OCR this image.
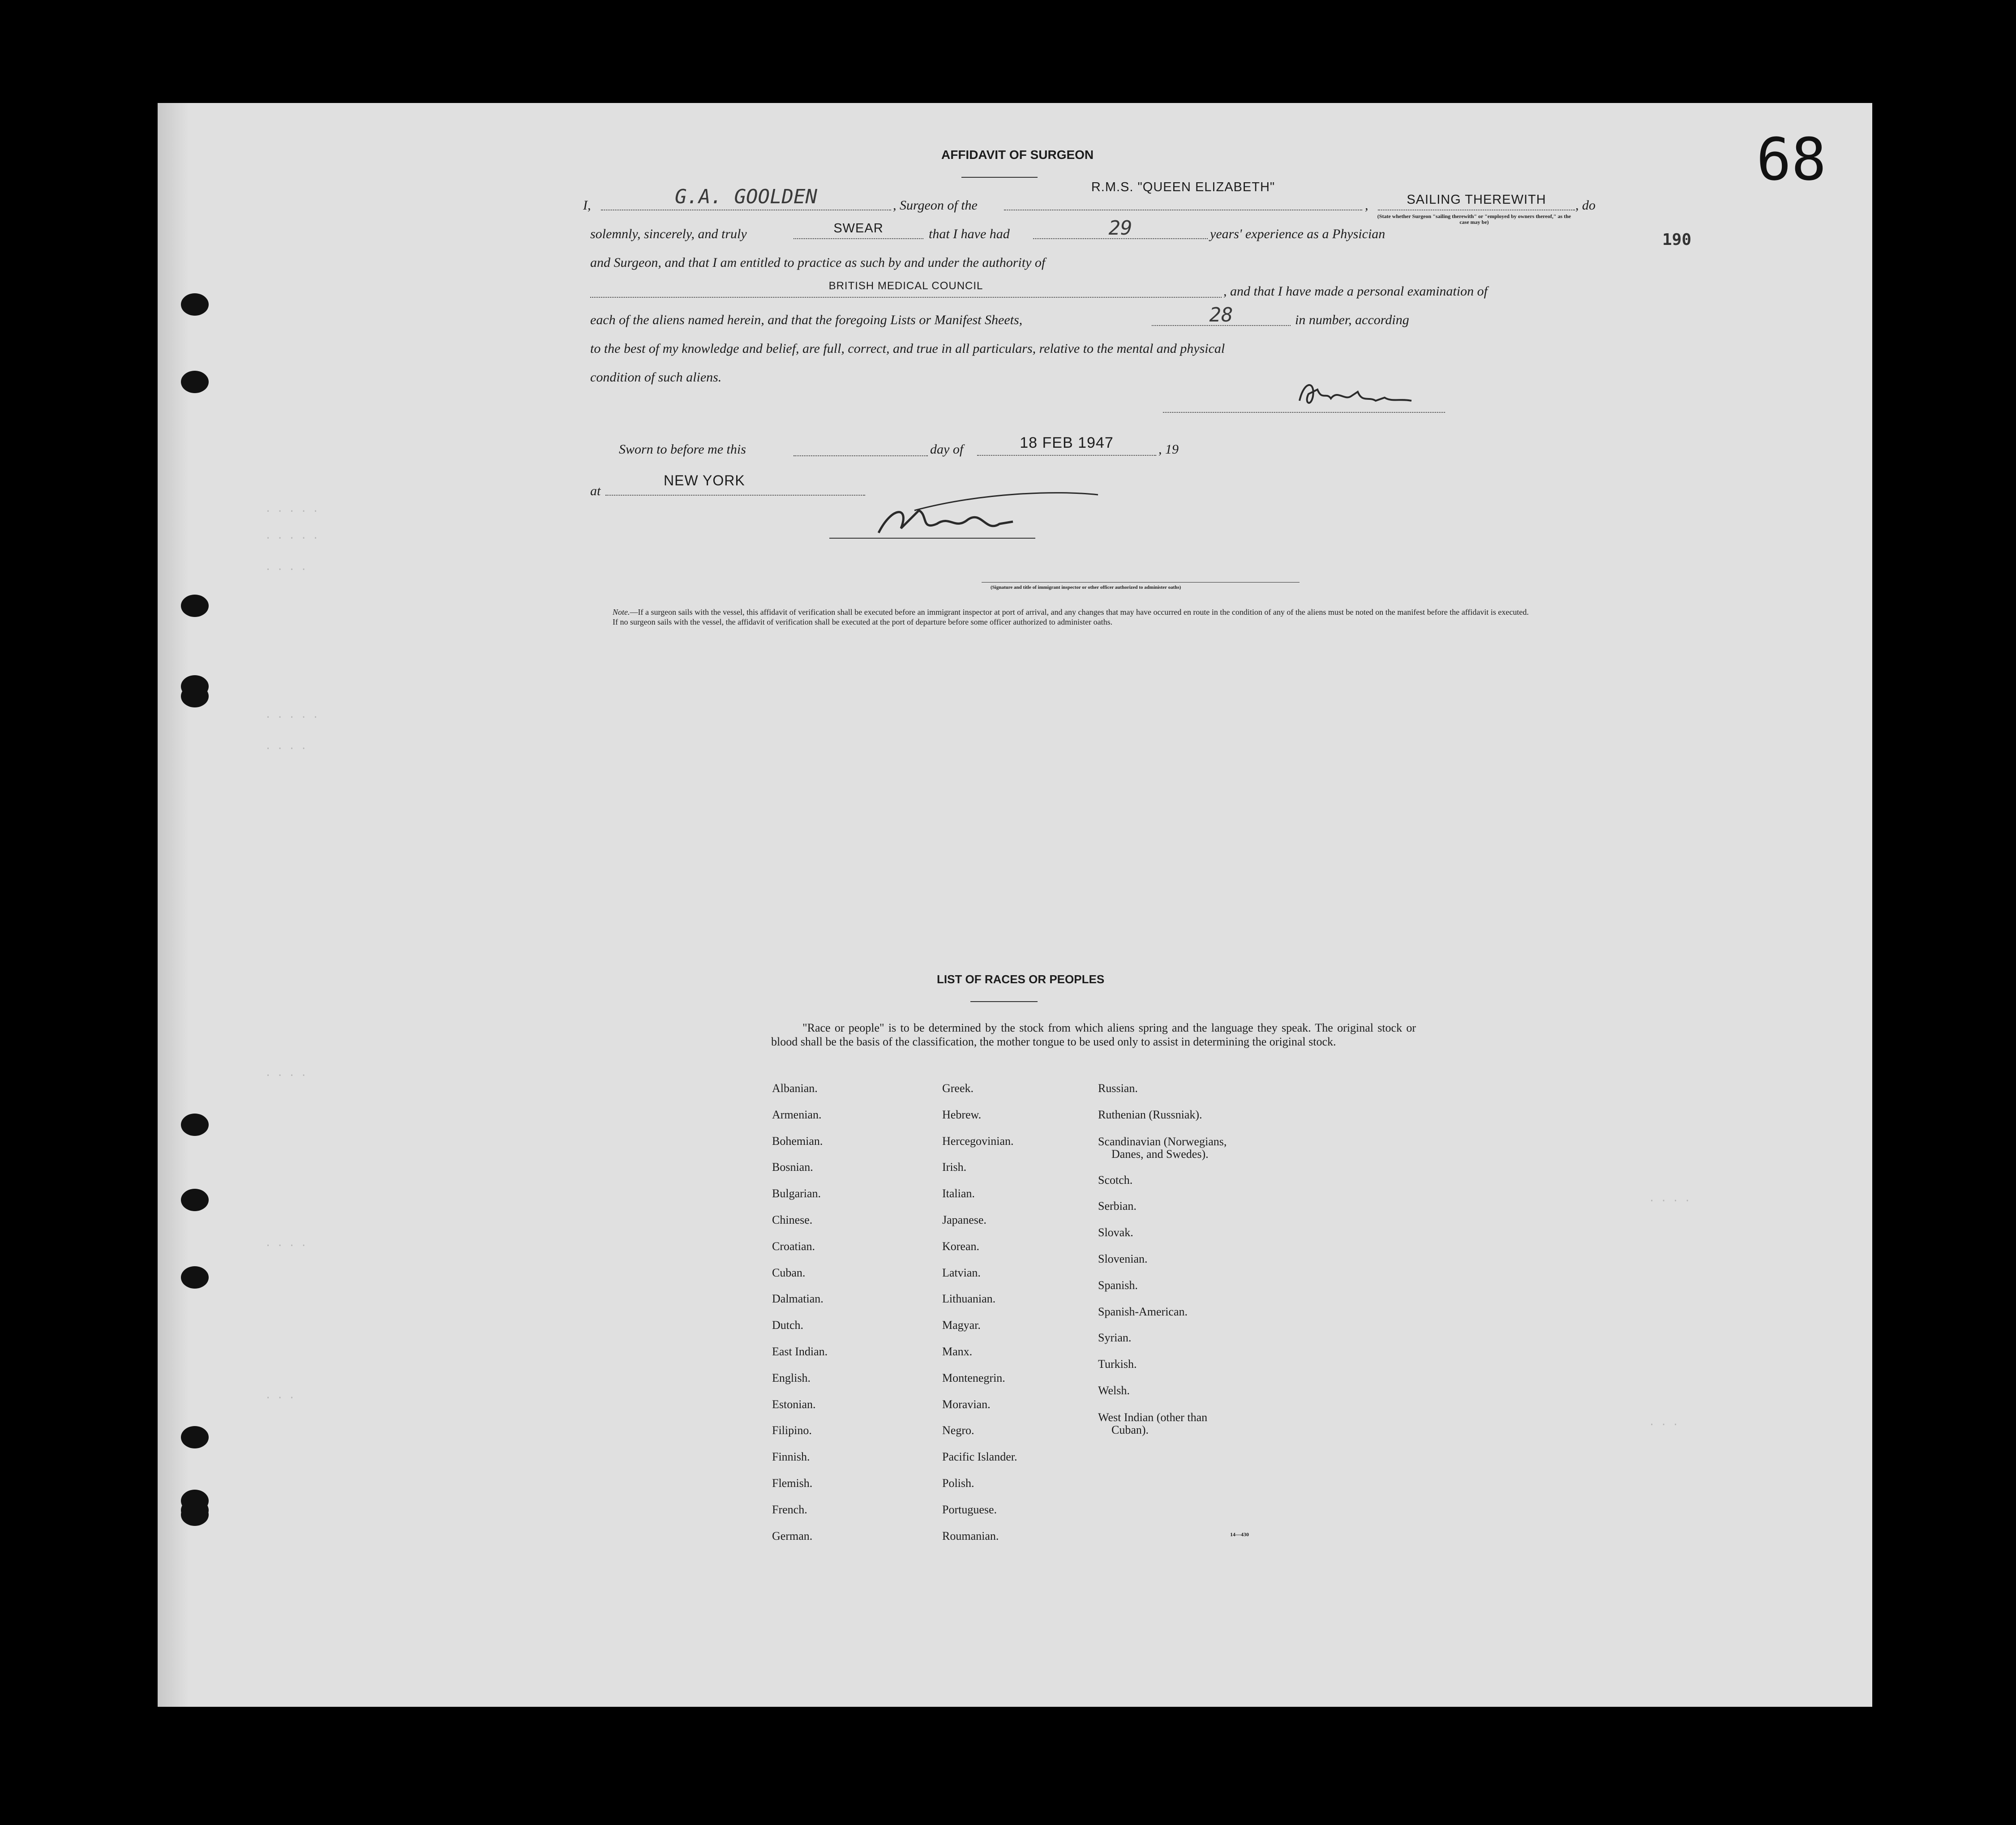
· · · · ·
· · · · ·
· · · ·
· · · · ·
· · · ·
· · · ·
· · · ·
· · ·
· · · ·
· · ·
68
190
AFFIDAVIT OF SURGEON
I,	G.A. GOOLDEN	, Surgeon of the
R.M.S. "QUEEN ELIZABETH"
,	SAILING THEREWITH	, do
(State whether Surgeon "sailing therewith" or "employed by owners thereof," as the case may be)
solemnly, sincerely, and truly	SWEAR	that I have had	29	years' experience as a Physician
and Surgeon, and that I am entitled to practice as such by and under the authority of
BRITISH MEDICAL COUNCIL	, and that I have made a personal examination of
each of the aliens named herein, and that the foregoing Lists or Manifest Sheets,	28	in number, according
to the best of my knowledge and belief, are full, correct, and true in all particulars, relative to the mental and physical
condition of such aliens.
Sworn to before me this	day of	18 FEB 1947	, 19
at
NEW YORK
(Signature and title of immigrant inspector or other officer authorized to administer oaths)
Note.—If a surgeon sails with the vessel, this affidavit of verification shall be executed before an immigrant inspector at port of arrival, and any changes that may have occurred en route in the condition of any of the aliens must be noted on the manifest before the affidavit is executed.
If no surgeon sails with the vessel, the affidavit of verification shall be executed at the port of departure before some officer authorized to administer oaths.
LIST OF RACES OR PEOPLES
"Race or people" is to be determined by the stock from which aliens spring and the language they speak. The original stock or blood shall be the basis of the classification, the mother tongue to be used only to assist in determining the original stock.
Albanian.
Armenian.
Bohemian.
Bosnian.
Bulgarian.
Chinese.
Croatian.
Cuban.
Dalmatian.
Dutch.
East Indian.
English.
Estonian.
Filipino.
Finnish.
Flemish.
French.
German.
Greek.
Hebrew.
Hercegovinian.
Irish.
Italian.
Japanese.
Korean.
Latvian.
Lithuanian.
Magyar.
Manx.
Montenegrin.
Moravian.
Negro.
Pacific Islander.
Polish.
Portuguese.
Roumanian.
Russian.
Ruthenian (Russniak).
Scandinavian (Norwegians,
Danes, and Swedes).
Scotch.
Serbian.
Slovak.
Slovenian.
Spanish.
Spanish-American.
Syrian.
Turkish.
Welsh.
West Indian (other than
Cuban).
14—430
